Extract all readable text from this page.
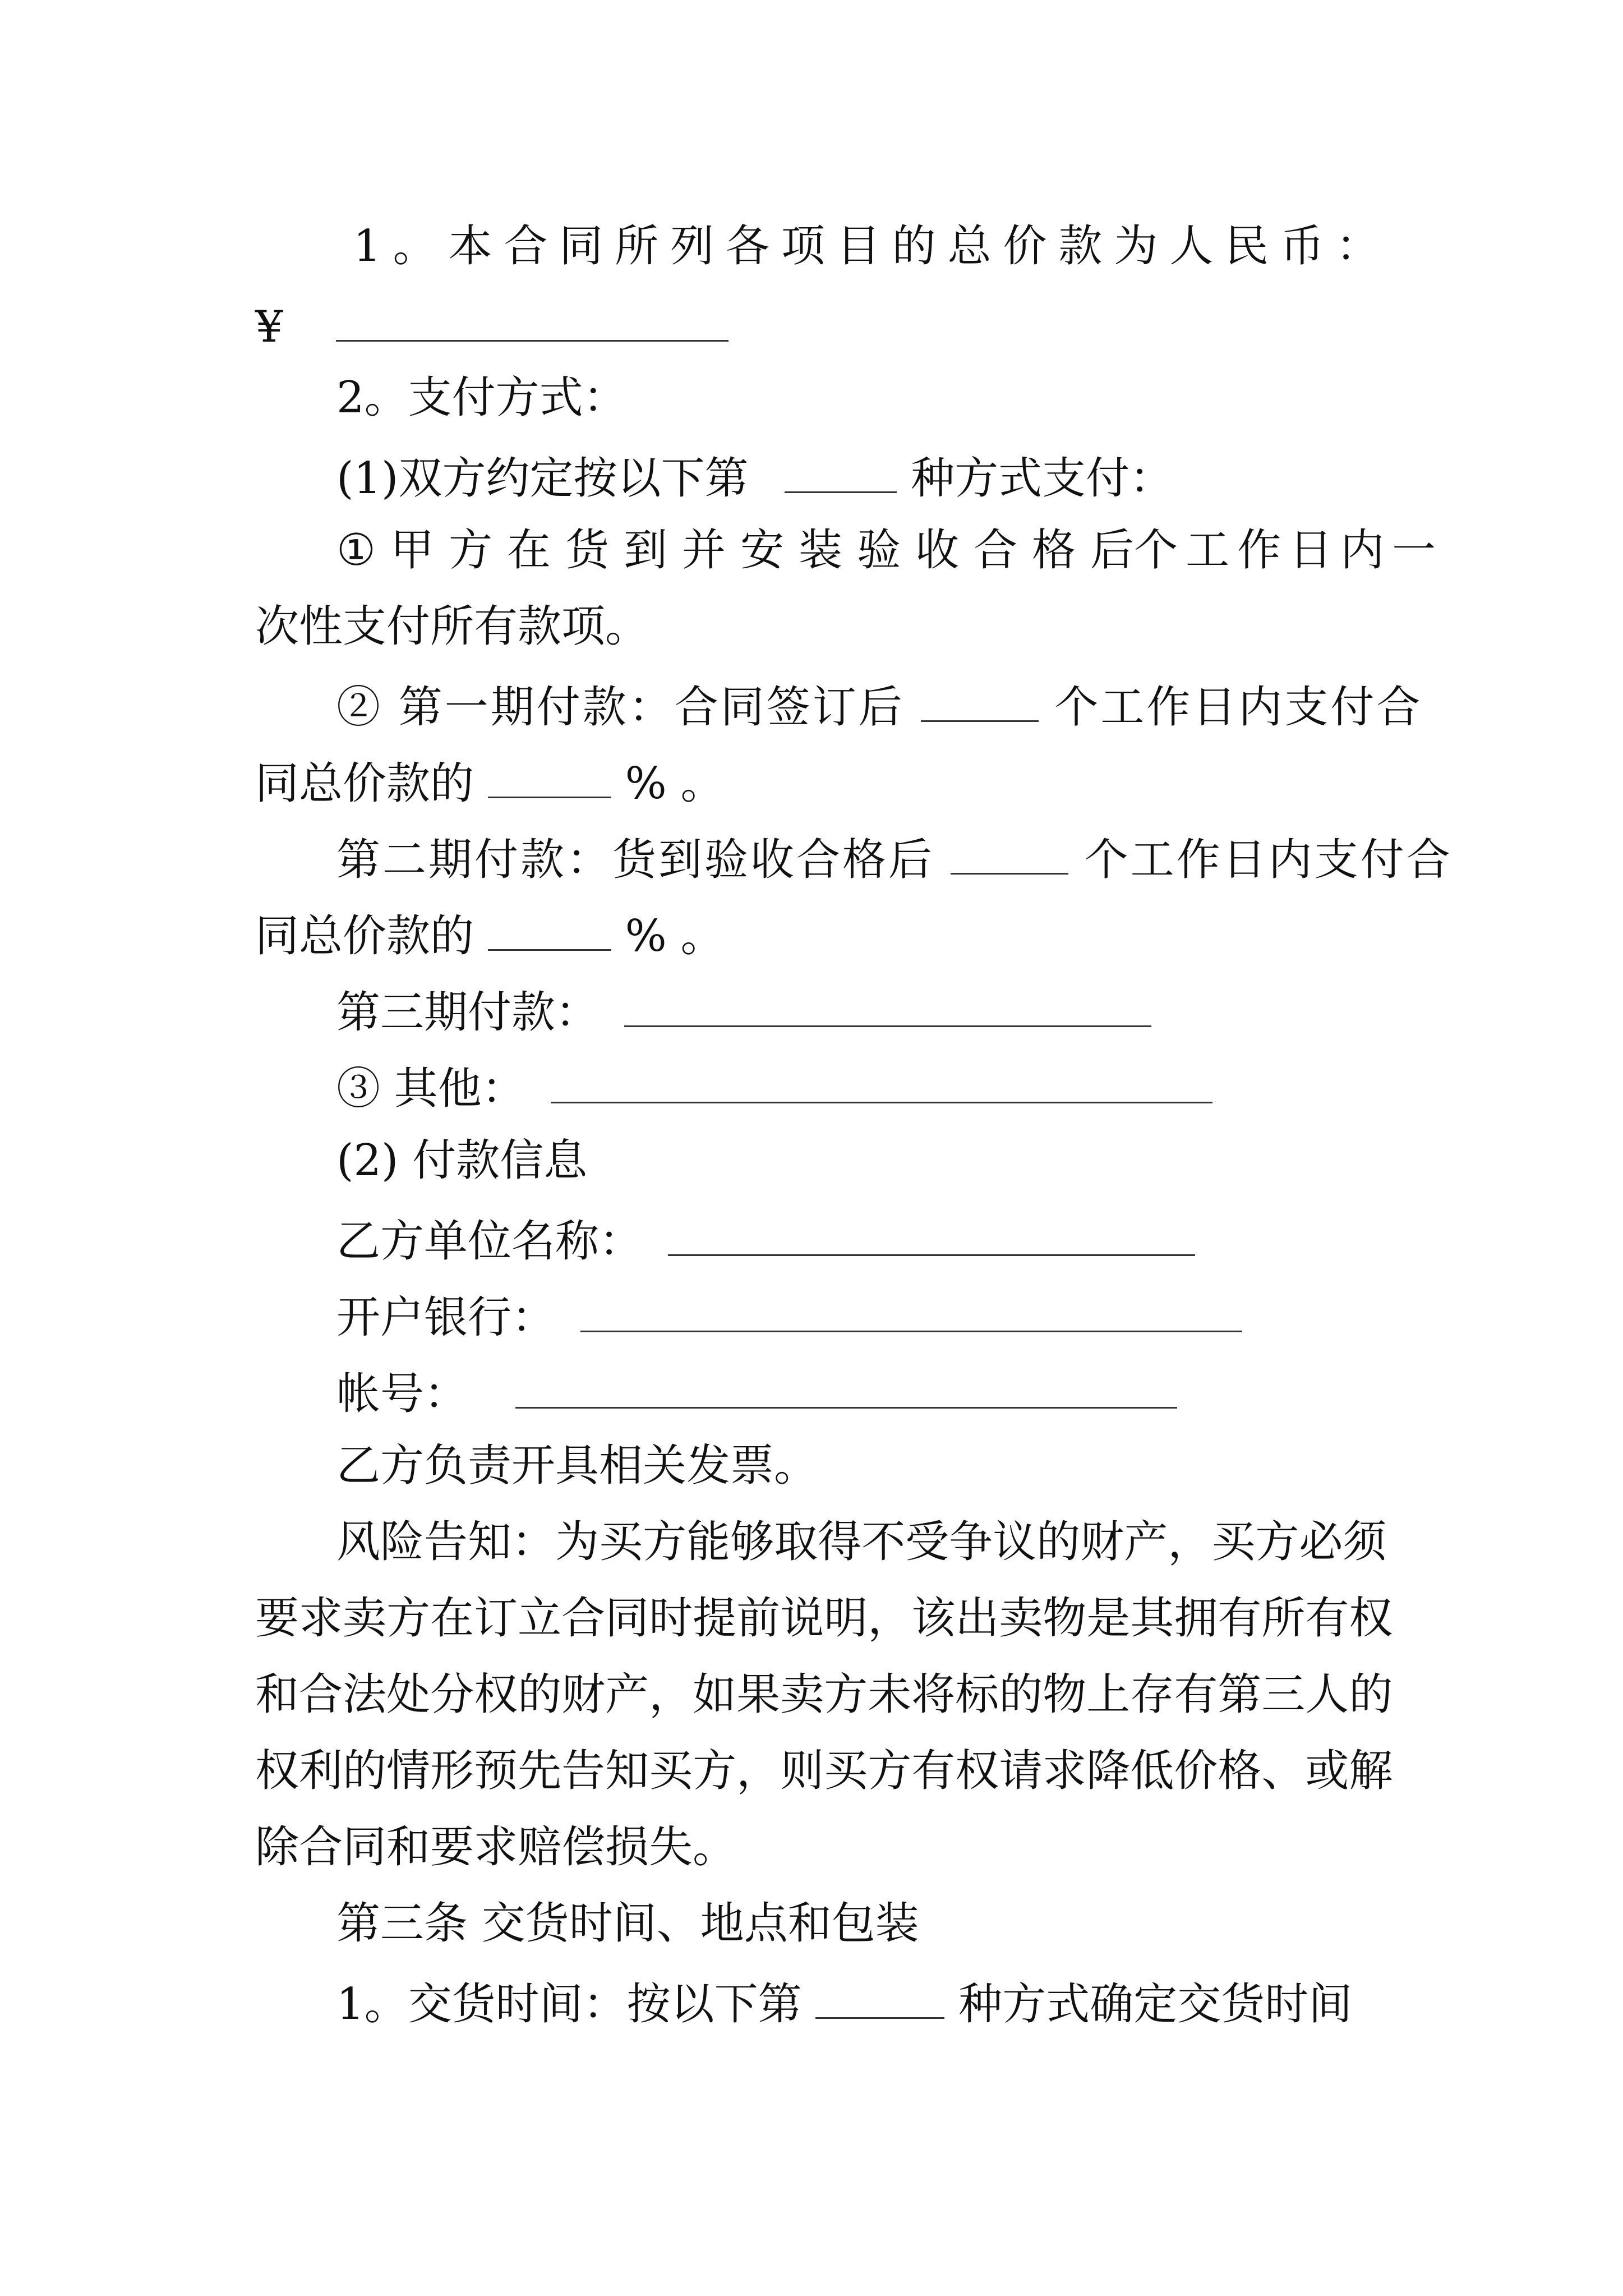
1 。 本 合 同 所 列 各 项 目 的 总 价 款 为 人 民 币 ：
¥
2。支付方式：
(1)双方约定按以下第	种方式支付：
① 甲 方 在 货 到 并 安 装 验 收 合 格 后 个工作日内一
次性支付所有款项。
② 第一期付款：合同签订后	个工作日内支付合
同总价款的	% 。
第二期付款：货到验收合格后	个工作日内支付合
同总价款的	% 。
第三期付款：
③ 其他：
(2) 付款信息
乙方单位名称：
开户银行：
帐号：
乙方负责开具相关发票。
风 险 告 知 ： 为 买 方 能 够 取 得 不 受 争 议 的 财 产 ， 买 方 必 须
要 求 卖 方 在 订 立 合 同 时 提 前 说 明 ， 该 出 卖 物 是 其 拥 有 所 有 权
和 合 法 处 分 权 的 财 产 ， 如 果 卖 方 未 将 标 的 物 上 存 有 第 三 人 的
权 利 的 情 形 预 先 告 知 买 方 ， 则 买 方 有 权 请 求 降 低 价 格 、 或 解
除合同和要求赔偿损失。
第三条 交货时间、地点和包装
1。交货时间：按以下第	种方式确定交货时间
